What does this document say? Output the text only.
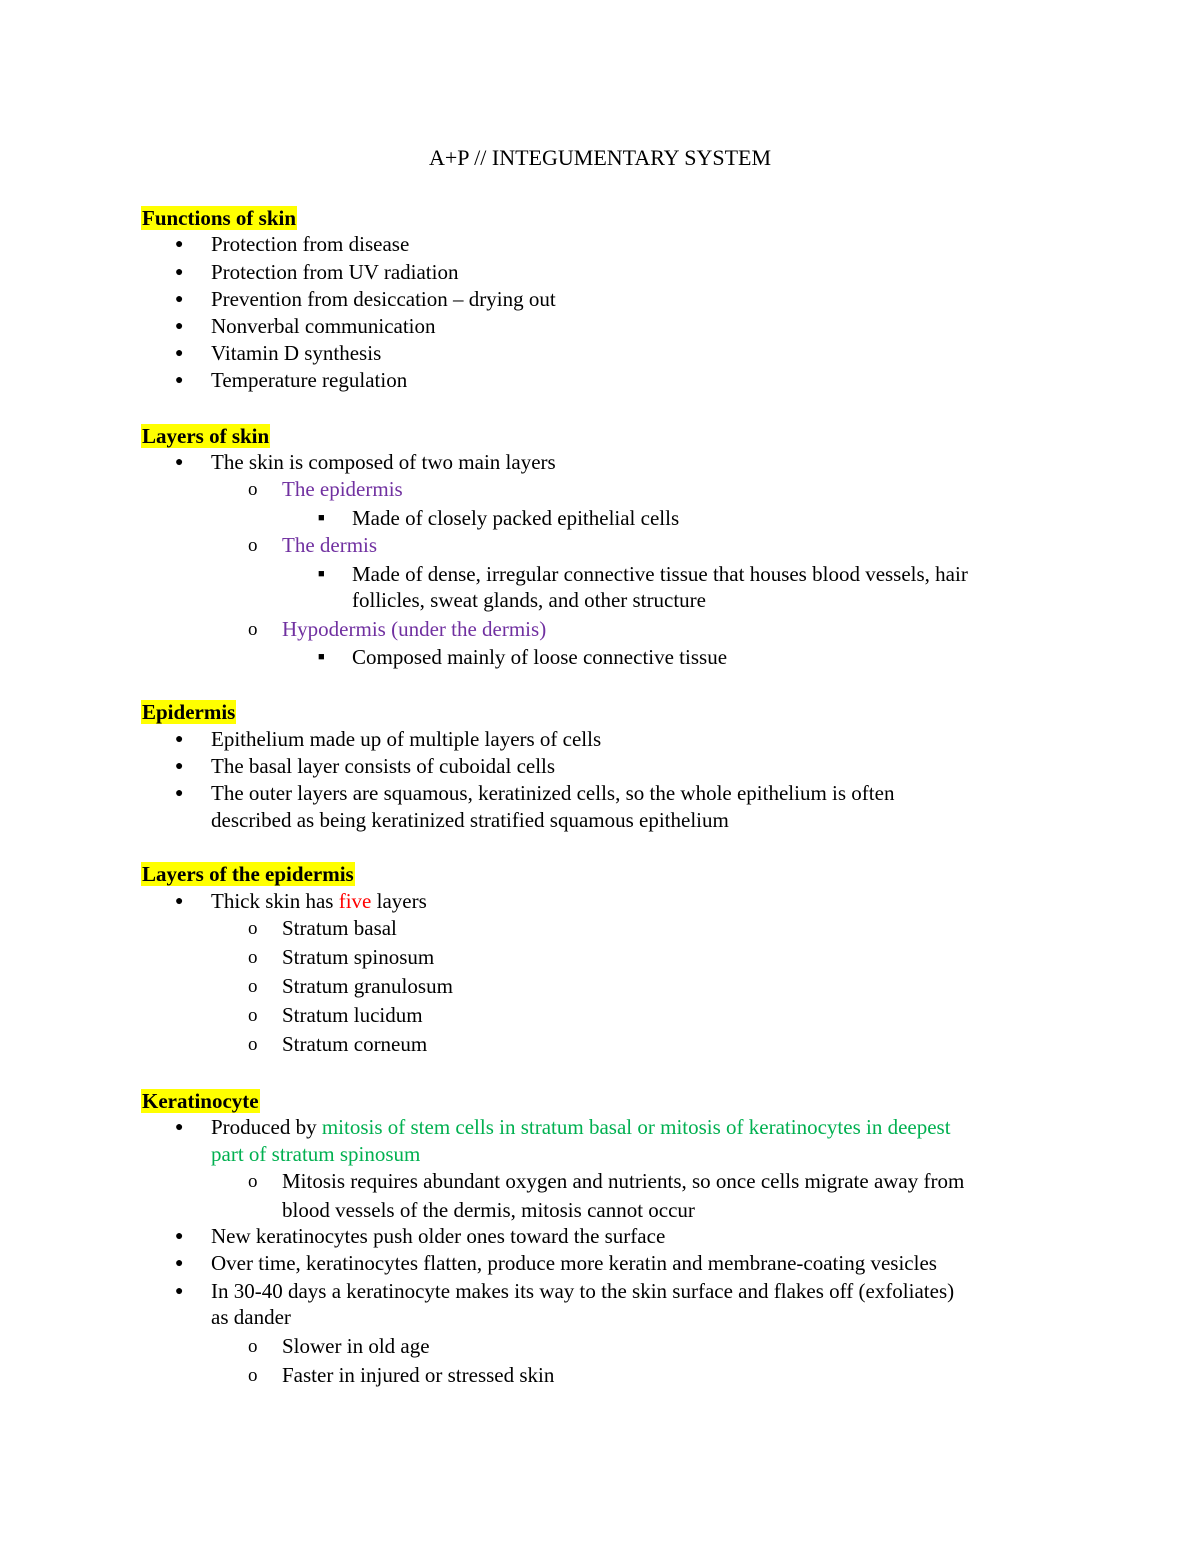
A+P // INTEGUMENTARY SYSTEM
Functions of skin
● Protection from disease
● Protection from UV radiation
● Prevention from desiccation – drying out
● Nonverbal communication
● Vitamin D synthesis
● Temperature regulation
Layers of skin
● The skin is composed of two main layers
o The epidermis
■ Made of closely packed epithelial cells
o The dermis
■ Made of dense, irregular connective tissue that houses blood vessels, hair
follicles, sweat glands, and other structure
o Hypodermis (under the dermis)
■ Composed mainly of loose connective tissue
Epidermis
● Epithelium made up of multiple layers of cells
● The basal layer consists of cuboidal cells
● The outer layers are squamous, keratinized cells, so the whole epithelium is often
described as being keratinized stratified squamous epithelium
Layers of the epidermis
● Thick skin has five layers
o Stratum basal
o Stratum spinosum
o Stratum granulosum
o Stratum lucidum
o Stratum corneum
Keratinocyte
● Produced by mitosis of stem cells in stratum basal or mitosis of keratinocytes in deepest
part of stratum spinosum
o Mitosis requires abundant oxygen and nutrients, so once cells migrate away from
blood vessels of the dermis, mitosis cannot occur
● New keratinocytes push older ones toward the surface
● Over time, keratinocytes flatten, produce more keratin and membrane-coating vesicles
● In 30-40 days a keratinocyte makes its way to the skin surface and flakes off (exfoliates)
as dander
o Slower in old age
o Faster in injured or stressed skin
